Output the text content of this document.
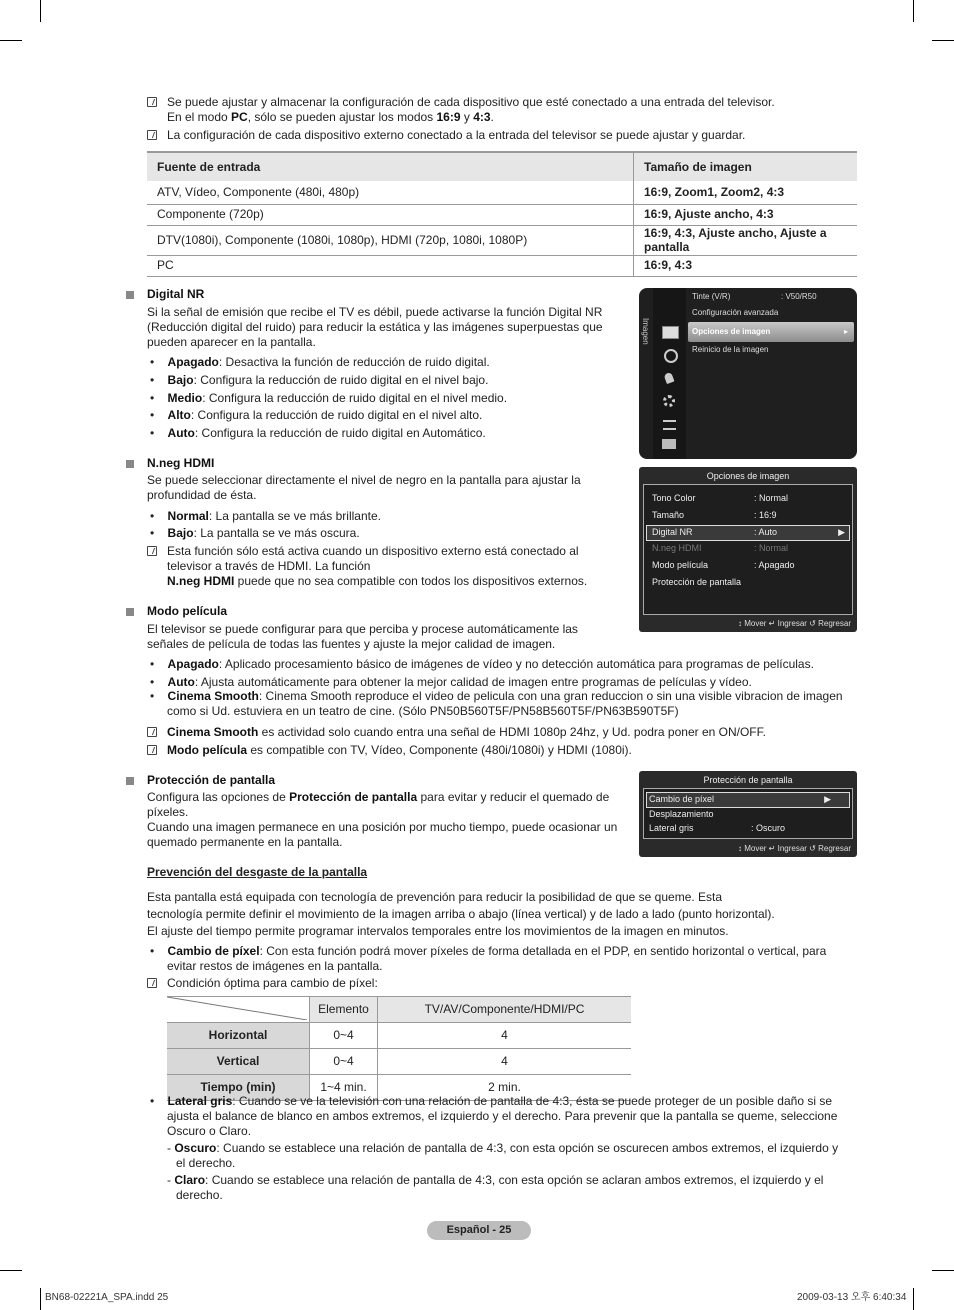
Se puede ajustar y almacenar la configuración de cada dispositivo que esté conectado a una entrada del televisor.
En el modo PC, sólo se pueden ajustar los modos 16:9 y 4:3.
La configuración de cada dispositivo externo conectado a la entrada del televisor se puede ajustar y guardar.
Fuente de entrada	Tamaño de imagen
ATV, Vídeo, Componente (480i, 480p)	16:9, Zoom1, Zoom2, 4:3
Componente (720p)	16:9, Ajuste ancho, 4:3
DTV(1080i), Componente (1080i, 1080p), HDMI (720p, 1080i, 1080P)	16:9, 4:3, Ajuste ancho, Ajuste a pantalla
PC	16:9, 4:3
Digital NR
Si la señal de emisión que recibe el TV es débil, puede activarse la función Digital NR (Reducción digital del ruido) para reducir la estática y las imágenes superpuestas que pueden aparecer en la pantalla.
•    Apagado: Desactiva la función de reducción de ruido digital.
•    Bajo: Configura la reducción de ruido digital en el nivel bajo.
•    Medio: Configura la reducción de ruido digital en el nivel medio.
•    Alto: Configura la reducción de ruido digital en el nivel alto.
•    Auto: Configura la reducción de ruido digital en Automático.
Imagen
Tinte (V/R)	: V50/R50
Configuración avanzada
Opciones de imagen	▸
Reinicio de la imagen
N.neg HDMI
Se puede seleccionar directamente el nivel de negro en la pantalla para ajustar la profundidad de ésta.
•    Normal: La pantalla se ve más brillante.
•    Bajo: La pantalla se ve más oscura.
Esta función sólo está activa cuando un dispositivo externo está conectado al
televisor a través de HDMI. La función
N.neg HDMI puede que no sea compatible con todos los dispositivos externos.
Opciones de imagen
Tono Color	: Normal
Tamaño	: 16:9
Digital NR	: Auto	▶
N.neg HDMI	: Normal
Modo película	: Apagado
Protección de pantalla
↕ Mover ↵ Ingresar ↺ Regresar
Modo película
El televisor se puede configurar para que perciba y procese automáticamente las
señales de película de todas las fuentes y ajuste la mejor calidad de imagen.
•    Apagado: Aplicado procesamiento básico de imágenes de vídeo y no detección automática para programas de películas.
•    Auto: Ajusta automáticamente para obtener la mejor calidad de imagen entre programas de películas y vídeo.
•    Cinema Smooth: Cinema Smooth reproduce el video de pelicula con una gran reduccion o sin una visible vibracion de imagen
como si Ud. estuviera en un teatro de cine. (Sólo PN50B560T5F/PN58B560T5F/PN63B590T5F)
Cinema Smooth es actividad solo cuando entra una señal de HDMI 1080p 24hz, y Ud. podra poner en ON/OFF.
Modo película es compatible con TV, Vídeo, Componente (480i/1080i) y HDMI (1080i).
Protección de pantalla
Configura las opciones de Protección de pantalla para evitar y reducir el quemado de
píxeles.
Cuando una imagen permanece en una posición por mucho tiempo, puede ocasionar un
quemado permanente en la pantalla.
Protección de pantalla
Cambio de píxel	▶
Desplazamiento
Lateral gris	: Oscuro
↕ Mover ↵ Ingresar ↺ Regresar
Prevención del desgaste de la pantalla
Esta pantalla está equipada con tecnología de prevención para reducir la posibilidad de que se queme. Esta
tecnología permite definir el movimiento de la imagen arriba o abajo (línea vertical) y de lado a lado (punto horizontal).
El ajuste del tiempo permite programar intervalos temporales entre los movimientos de la imagen en minutos.
•    Cambio de píxel: Con esta función podrá mover píxeles de forma detallada en el PDP, en sentido horizontal o vertical, para
evitar restos de imágenes en la pantalla.
Condición óptima para cambio de píxel:
	Elemento	TV/AV/Componente/HDMI/PC
Horizontal	0~4	4
Vertical	0~4	4
Tiempo (min)	1~4 min.	2 min.
•    Lateral gris: Cuando se ve la televisión con una relación de pantalla de 4:3, ésta se puede proteger de un posible daño si se
ajusta el balance de blanco en ambos extremos, el izquierdo y el derecho. Para prevenir que la pantalla se queme, seleccione
Oscuro o Claro.
- Oscuro: Cuando se establece una relación de pantalla de 4:3, con esta opción se oscurecen ambos extremos, el izquierdo y
el derecho.
- Claro: Cuando se establece una relación de pantalla de 4:3, con esta opción se aclaran ambos extremos, el izquierdo y el
derecho.
Español - 25
BN68-02221A_SPA.indd 25	2009-03-13 오후 6:40:34
